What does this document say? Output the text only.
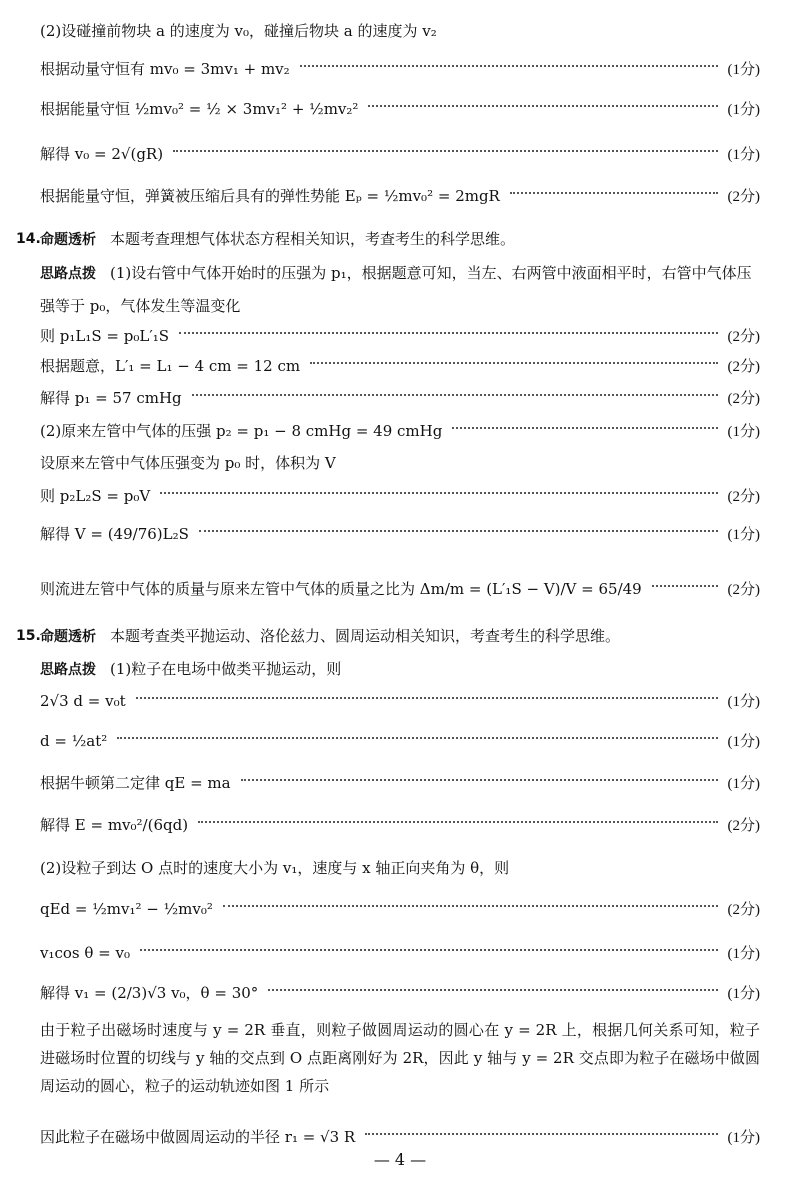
(2)设碰撞前物块 a 的速度为 v₀，碰撞后物块 a 的速度为 v₂
根据动量守恒有 mv₀ = 3mv₁ + mv₂	(1分)
根据能量守恒 ½mv₀² = ½ × 3mv₁² + ½mv₂²	(1分)
解得 v₀ = 2√(gR)	(1分)
根据能量守恒，弹簧被压缩后具有的弹性势能 Eₚ = ½mv₀² = 2mgR	(2分)
14. 命题透析 本题考查理想气体状态方程相关知识，考查考生的科学思维。
思路点拨 (1)设右管中气体开始时的压强为 p₁，根据题意可知，当左、右两管中液面相平时，右管中气体压
强等于 p₀，气体发生等温变化
则 p₁L₁S = p₀L′₁S	(2分)
根据题意，L′₁ = L₁ − 4 cm = 12 cm	(2分)
解得 p₁ = 57 cmHg	(2分)
(2)原来左管中气体的压强 p₂ = p₁ − 8 cmHg = 49 cmHg	(1分)
设原来左管中气体压强变为 p₀ 时，体积为 V
则 p₂L₂S = p₀V	(2分)
解得 V = (49/76)L₂S	(1分)
则流进左管中气体的质量与原来左管中气体的质量之比为 Δm/m = (L′₁S − V)/V = 65/49	(2分)
15. 命题透析 本题考查类平抛运动、洛伦兹力、圆周运动相关知识，考查考生的科学思维。
思路点拨 (1)粒子在电场中做类平抛运动，则
2√3 d = v₀t	(1分)
d = ½at²	(1分)
根据牛顿第二定律 qE = ma	(1分)
解得 E = mv₀²/(6qd)	(2分)
(2)设粒子到达 O 点时的速度大小为 v₁，速度与 x 轴正向夹角为 θ，则
qEd = ½mv₁² − ½mv₀²	(2分)
v₁cos θ = v₀	(1分)
解得 v₁ = (2/3)√3 v₀，θ = 30°	(1分)
因此粒子在磁场中做圆周运动的半径 r₁ = √3 R	(1分)
由于粒子出磁场时速度与 y = 2R 垂直，则粒子做圆周运动的圆心在 y = 2R 上，根据几何关系可知，粒子进磁场时位置的切线与 y 轴的交点到 O 点距离刚好为 2R，因此 y 轴与 y = 2R 交点即为粒子在磁场中做圆周运动的圆心，粒子的运动轨迹如图 1 所示
— 4 —
